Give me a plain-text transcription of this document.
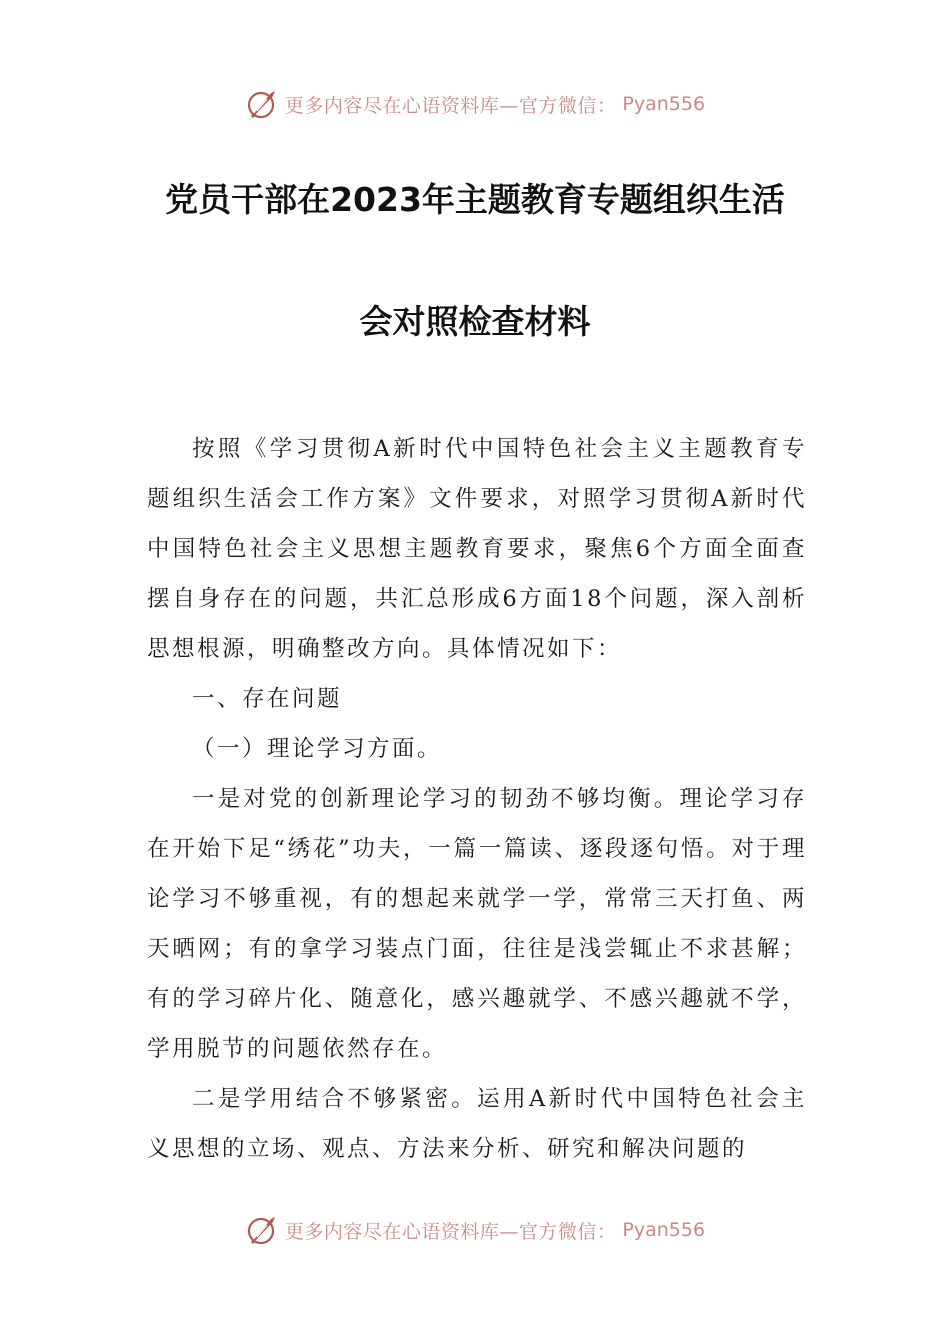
更多内容尽在心语资料库—官方微信： Pyan556
党员干部在2023年主题教育专题组织生活
会对照检查材料

按照《学习贯彻A新时代中国特色社会主义主题教育专题组织生活会工作方案》文件要求，对照学习贯彻A新时代中国特色社会主义思想主题教育要求，聚焦6个方面全面查摆自身存在的问题，共汇总形成6方面18个问题，深入剖析思想根源，明确整改方向。具体情况如下：

一、存在问题

（一）理论学习方面。

一是对党的创新理论学习的韧劲不够均衡。理论学习存在开始下足“绣花”功夫，一篇一篇读、逐段逐句悟。对于理论学习不够重视，有的想起来就学一学，常常三天打鱼、两天晒网；有的拿学习装点门面，往往是浅尝辄止不求甚解；有的学习碎片化、随意化，感兴趣就学、不感兴趣就不学，学用脱节的问题依然存在。

二是学用结合不够紧密。运用A新时代中国特色社会主义思想的立场、观点、方法来分析、研究和解决问题的

更多内容尽在心语资料库—官方微信： Pyan556
